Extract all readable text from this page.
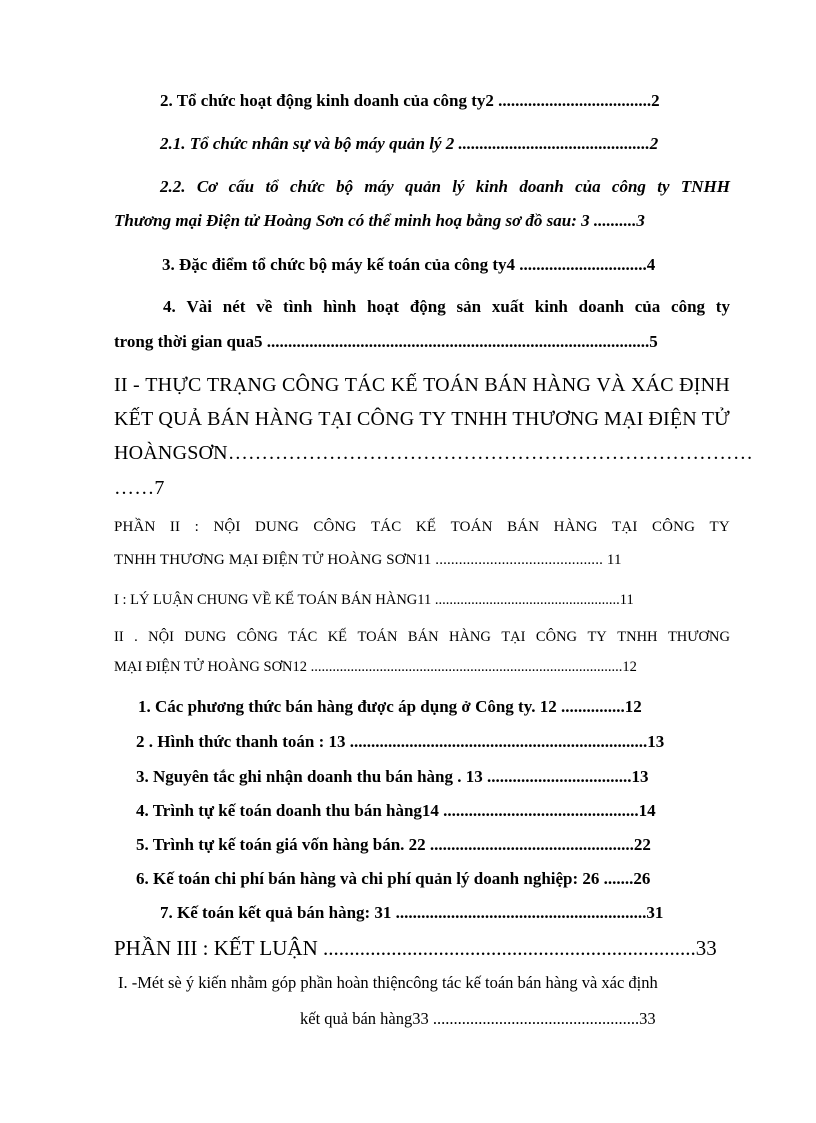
2. Tổ chức hoạt động kinh doanh của công ty2 ....................................2
2.1. Tổ chức nhân sự và bộ máy quản lý 2 .............................................2
2.2. Cơ cấu tổ chức bộ máy quản lý kinh doanh của công ty TNHH
Thương mại Điện tử Hoàng Sơn có thể minh hoạ bằng sơ đồ sau: 3 ..........3
3. Đặc điểm tổ chức bộ máy kế toán của công ty4 ..............................4
4. Vài nét về tình hình hoạt động sản xuất kinh doanh của công ty
trong thời gian qua5 ..........................................................................................5
II - THỰC TRẠNG CÔNG TÁC KẾ TOÁN BÁN HÀNG VÀ XÁC ĐỊNH
KẾT QUẢ BÁN HÀNG TẠI CÔNG TY TNHH THƯƠNG MẠI ĐIỆN TỬ
HOÀNGSƠN……………………………………………………………………
……7
PHẦN II : NỘI DUNG CÔNG TÁC KẾ TOÁN BÁN HÀNG TẠI CÔNG TY
TNHH THƯƠNG MẠI ĐIỆN TỬ HOÀNG SƠN11 ........................................... 11
I : LÝ LUẬN CHUNG VỀ KẾ TOÁN BÁN HÀNG11 ...................................................11
II . NỘI DUNG CÔNG TÁC KẾ TOÁN BÁN HÀNG TẠI CÔNG TY TNHH THƯƠNG
MẠI ĐIỆN TỬ HOÀNG SƠN12 ......................................................................................12
1. Các phương thức bán hàng được áp dụng ở Công ty. 12 ...............12
2 . Hình thức thanh toán : 13 ......................................................................13
3. Nguyên tắc ghi nhận doanh thu bán hàng . 13 ..................................13
4. Trình tự kế toán doanh thu bán hàng14 ..............................................14
5. Trình tự kế toán giá vốn hàng bán. 22 ................................................22
6. Kế toán chi phí bán hàng và chi phí quản lý doanh nghiệp: 26 .......26
7. Kế toán kết quả bán hàng: 31 ...........................................................31
PHẦN III : KẾT LUẬN .......................................................................33
I. -Mét sè ý kiến nhằm góp phần hoàn thiệncông tác kế toán bán hàng và xác định
kết quả bán hàng33 ..................................................33
